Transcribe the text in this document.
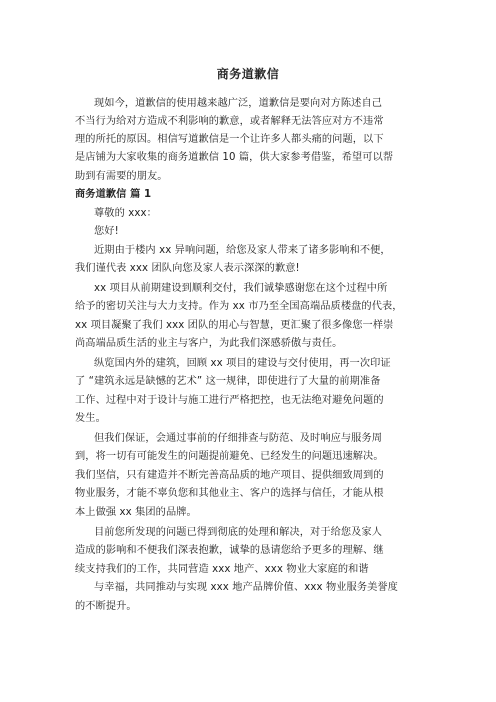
商务道歉信
现如今，道歉信的使用越来越广泛，道歉信是要向对方陈述自己
不当行为给对方造成不利影响的歉意，或者解释无法答应对方不违常
理的所托的原因。相信写道歉信是一个让许多人都头痛的问题，以下
是店铺为大家收集的商务道歉信 10 篇，供大家参考借鉴，希望可以帮
助到有需要的朋友。
商务道歉信 篇 1
尊敬的 xxx：
您好!
近期由于楼内 xx 异响问题，给您及家人带来了诸多影响和不便，
我们谨代表 xxx 团队向您及家人表示深深的歉意!
xx 项目从前期建设到顺利交付，我们诚挚感谢您在这个过程中所
给予的密切关注与大力支持。作为 xx 市乃至全国高端品质楼盘的代表，
xx 项目凝聚了我们 xxx 团队的用心与智慧，更汇聚了很多像您一样崇
尚高端品质生活的业主与客户，为此我们深感骄傲与责任。
纵览国内外的建筑，回顾 xx 项目的建设与交付使用，再一次印证
了 “建筑永远是缺憾的艺术” 这一规律，即使进行了大量的前期准备
工作、过程中对于设计与施工进行严格把控，也无法绝对避免问题的
发生。
但我们保证，会通过事前的仔细排查与防范、及时响应与服务周
到，将一切有可能发生的问题提前避免、已经发生的问题迅速解决。
我们坚信，只有建造并不断完善高品质的地产项目、提供细致周到的
物业服务，才能不辜负您和其他业主、客户的选择与信任，才能从根
本上做强 xx 集团的品牌。
目前您所发现的问题已得到彻底的处理和解决，对于给您及家人
造成的影响和不便我们深表抱歉，诚挚的恳请您给予更多的理解、继
续支持我们的工作，共同营造 xxx 地产、xxx 物业大家庭的和谐
与幸福，共同推动与实现 xxx 地产品牌价值、xxx 物业服务美誉度
的不断提升。
